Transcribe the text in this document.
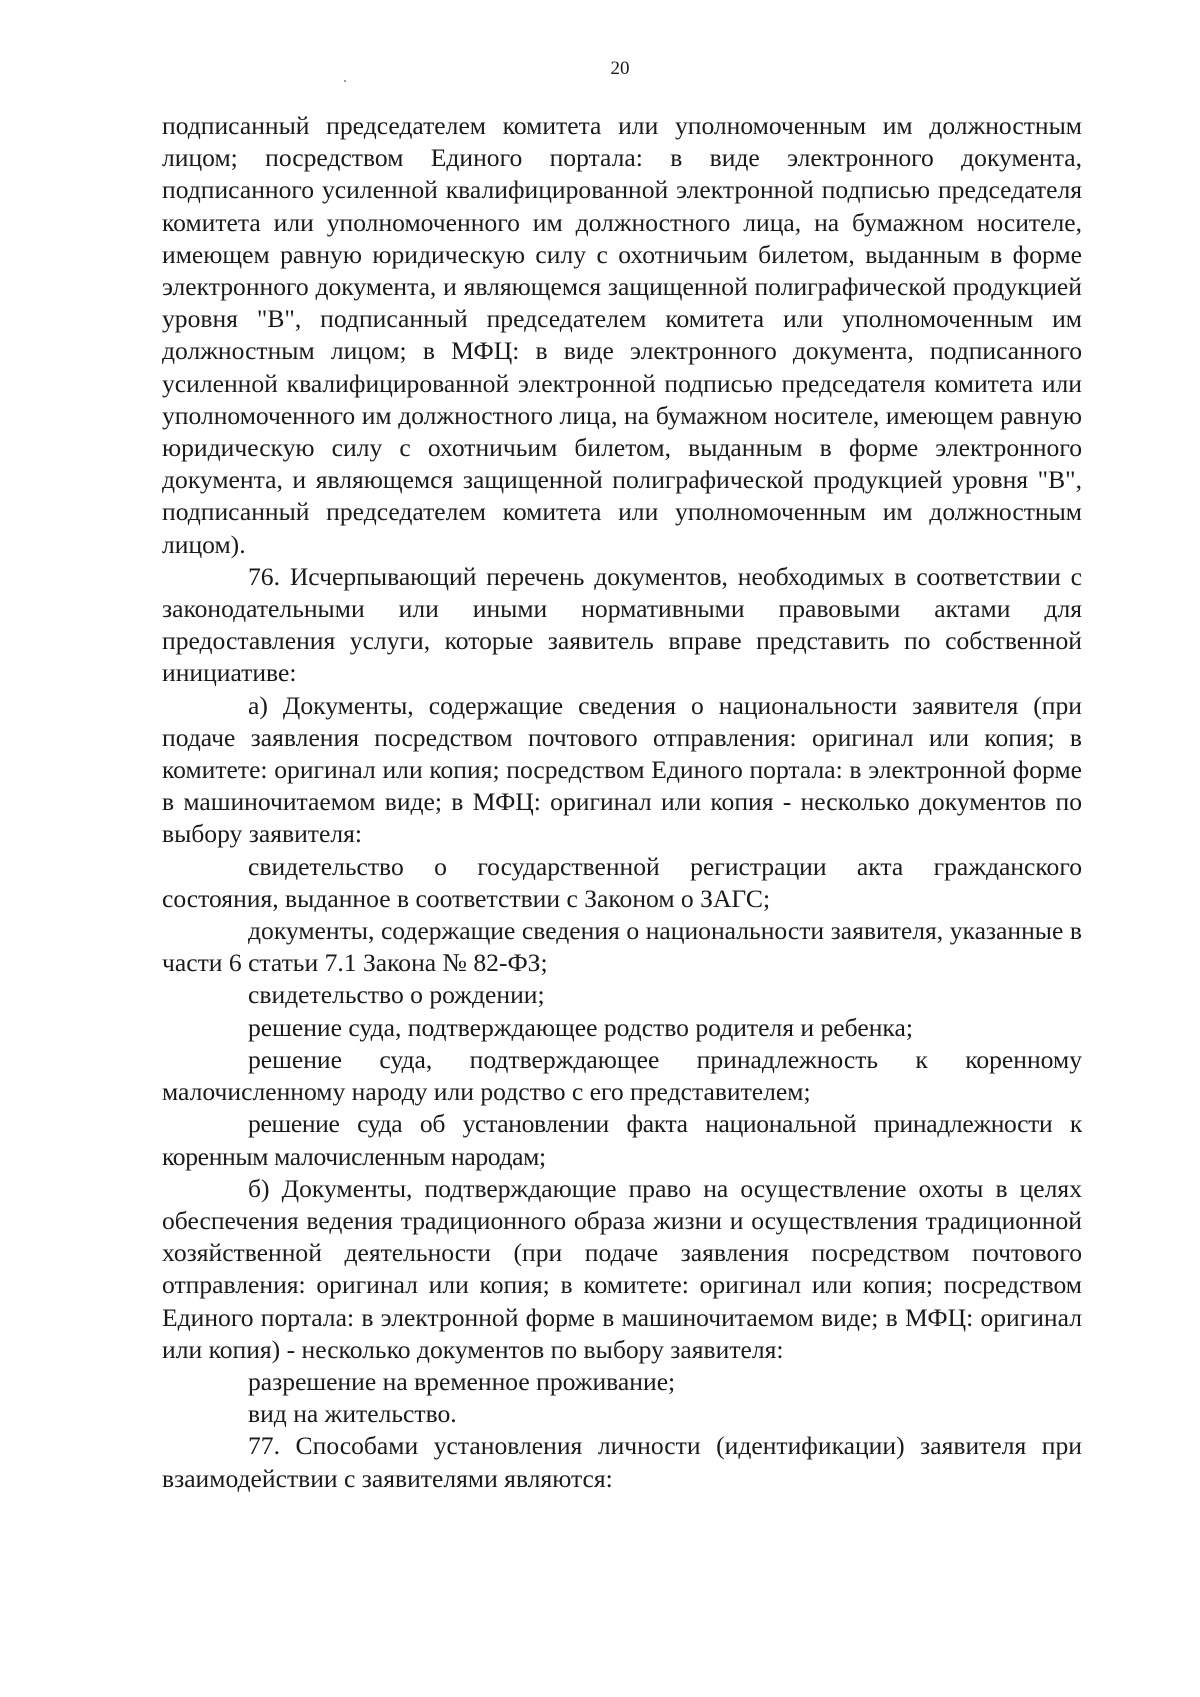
20

подписанный председателем комитета или уполномоченным им должностным лицом; посредством Единого портала: в виде электронного документа, подписанного усиленной квалифицированной электронной подписью председателя комитета или уполномоченного им должностного лица, на бумажном носителе, имеющем равную юридическую силу с охотничьим билетом, выданным в форме электронного документа, и являющемся защищенной полиграфической продукцией уровня "В", подписанный председателем комитета или уполномоченным им должностным лицом; в МФЦ: в виде электронного документа, подписанного усиленной квалифицированной электронной подписью председателя комитета или уполномоченного им должностного лица, на бумажном носителе, имеющем равную юридическую силу с охотничьим билетом, выданным в форме электронного документа, и являющемся защищенной полиграфической продукцией уровня "В", подписанный председателем комитета или уполномоченным им должностным лицом).

76. Исчерпывающий перечень документов, необходимых в соответствии с законодательными или иными нормативными правовыми актами для предоставления услуги, которые заявитель вправе представить по собственной инициативе:

а) Документы, содержащие сведения о национальности заявителя (при подаче заявления посредством почтового отправления: оригинал или копия; в комитете: оригинал или копия; посредством Единого портала: в электронной форме в машиночитаемом виде; в МФЦ: оригинал или копия - несколько документов по выбору заявителя:

свидетельство о государственной регистрации акта гражданского состояния, выданное в соответствии с Законом о ЗАГС;

документы, содержащие сведения о национальности заявителя, указанные в части 6 статьи 7.1 Закона № 82-ФЗ;

свидетельство о рождении;

решение суда, подтверждающее родство родителя и ребенка;

решение суда, подтверждающее принадлежность к коренному малочисленному народу или родство с его представителем;

решение суда об установлении факта национальной принадлежности к коренным малочисленным народам;

б) Документы, подтверждающие право на осуществление охоты в целях обеспечения ведения традиционного образа жизни и осуществления традиционной хозяйственной деятельности (при подаче заявления посредством почтового отправления: оригинал или копия; в комитете: оригинал или копия; посредством Единого портала: в электронной форме в машиночитаемом виде; в МФЦ: оригинал или копия) - несколько документов по выбору заявителя:

разрешение на временное проживание;

вид на жительство.

77. Способами установления личности (идентификации) заявителя при взаимодействии с заявителями являются:
